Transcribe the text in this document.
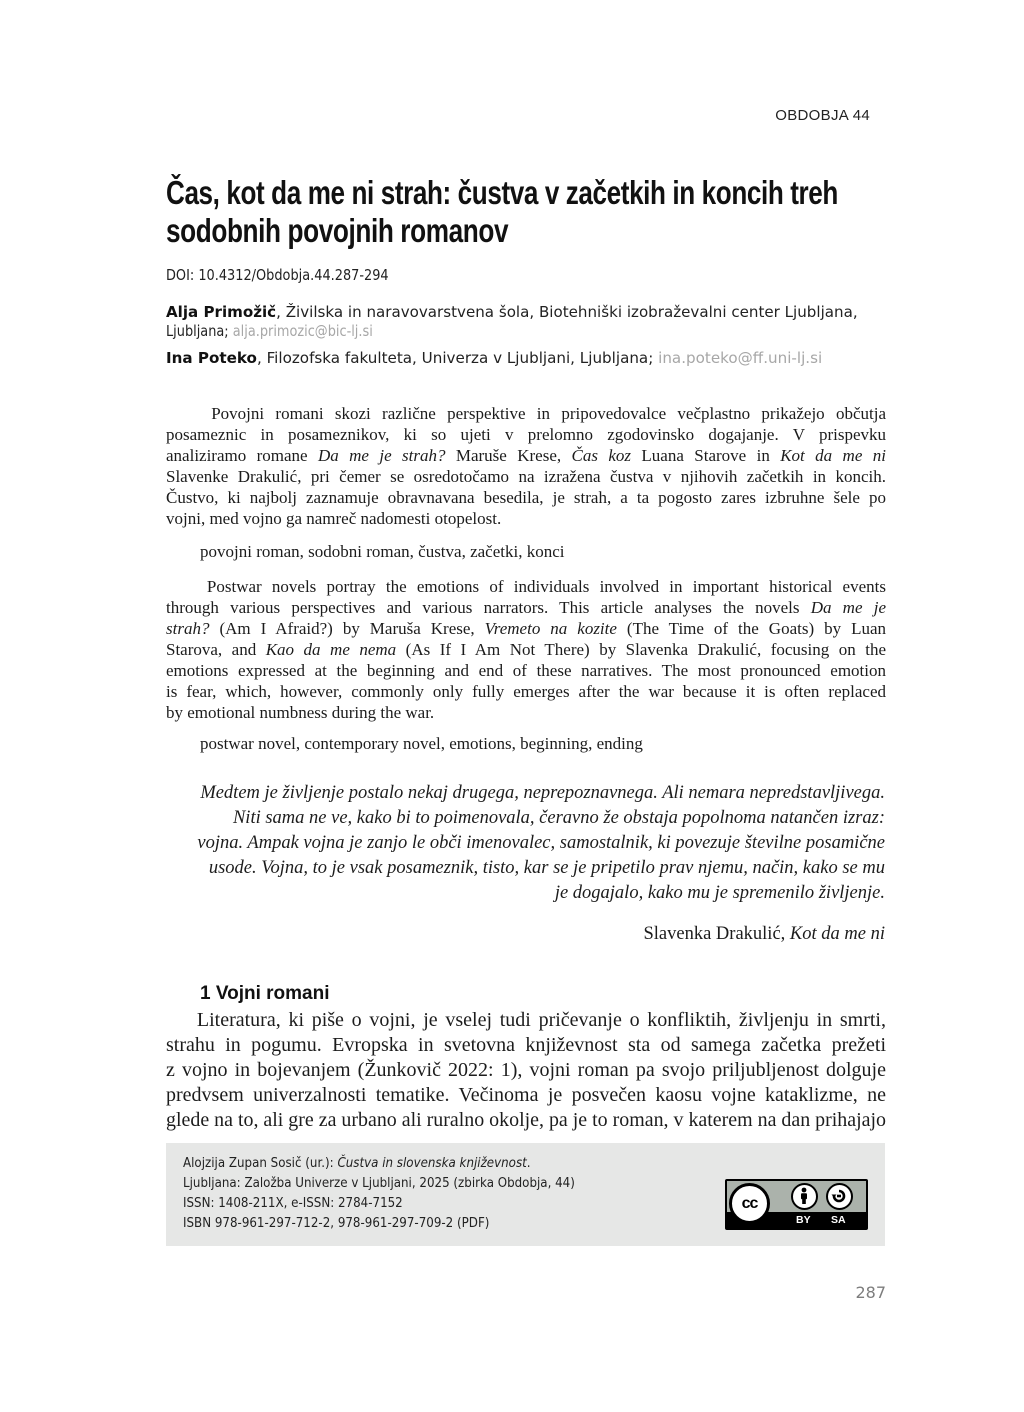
OBDOBJA 44
Čas, kot da me ni strah: čustva v začetkih in koncih treh
sodobnih povojnih romanov
DOI: 10.4312/Obdobja.44.287-294
Alja Primožič, Živilska in naravovarstvena šola, Biotehniški izobraževalni center Ljubljana,
Ljubljana; alja.primozic@bic-lj.si
Ina Poteko, Filozofska fakulteta, Univerza v Ljubljani, Ljubljana; ina.poteko@ff.uni-lj.si
Povojni romani skozi različne perspektive in pripovedovalce večplastno prikažejo občutja
posameznic in posameznikov, ki so ujeti v prelomno zgodovinsko dogajanje. V prispevku
analiziramo romane Da me je strah? Maruše Krese, Čas koz Luana Starove in Kot da me ni
Slavenke Drakulić, pri čemer se osredotočamo na izražena čustva v njihovih začetkih in koncih.
Čustvo, ki najbolj zaznamuje obravnavana besedila, je strah, a ta pogosto zares izbruhne šele po
vojni, med vojno ga namreč nadomesti otopelost.
povojni roman, sodobni roman, čustva, začetki, konci
Postwar novels portray the emotions of individuals involved in important historical events
through various perspectives and various narrators. This article analyses the novels Da me je
strah? (Am I Afraid?) by Maruša Krese, Vremeto na kozite (The Time of the Goats) by Luan
Starova, and Kao da me nema (As If I Am Not There) by Slavenka Drakulić, focusing on the
emotions expressed at the beginning and end of these narratives. The most pronounced emotion
is fear, which, however, commonly only fully emerges after the war because it is often replaced
by emotional numbness during the war.
postwar novel, contemporary novel, emotions, beginning, ending
Medtem je življenje postalo nekaj drugega, neprepoznavnega. Ali nemara nepredstavljivega.
Niti sama ne ve, kako bi to poimenovala, čeravno že obstaja popolnoma natančen izraz:
vojna. Ampak vojna je zanjo le obči imenovalec, samostalnik, ki povezuje številne posamične
usode. Vojna, to je vsak posameznik, tisto, kar se je pripetilo prav njemu, način, kako se mu
je dogajalo, kako mu je spremenilo življenje.
Slavenka Drakulić, Kot da me ni
1 Vojni romani
Literatura, ki piše o vojni, je vselej tudi pričevanje o konfliktih, življenju in smrti,
strahu in pogumu. Evropska in svetovna književnost sta od samega začetka prežeti
z vojno in bojevanjem (Žunkovič 2022: 1), vojni roman pa svojo priljubljenost dolguje
predvsem univerzalnosti tematike. Večinoma je posvečen kaosu vojne kataklizme, ne
glede na to, ali gre za urbano ali ruralno okolje, pa je to roman, v katerem na dan prihajajo
Alojzija Zupan Sosič (ur.): Čustva in slovenska književnost.
Ljubljana: Založba Univerze v Ljubljani, 2025 (zbirka Obdobja, 44)
ISSN: 1408-211X, e-ISSN: 2784-7152
ISBN 978-961-297-712-2, 978-961-297-709-2 (PDF)
cc
BY SA
287
